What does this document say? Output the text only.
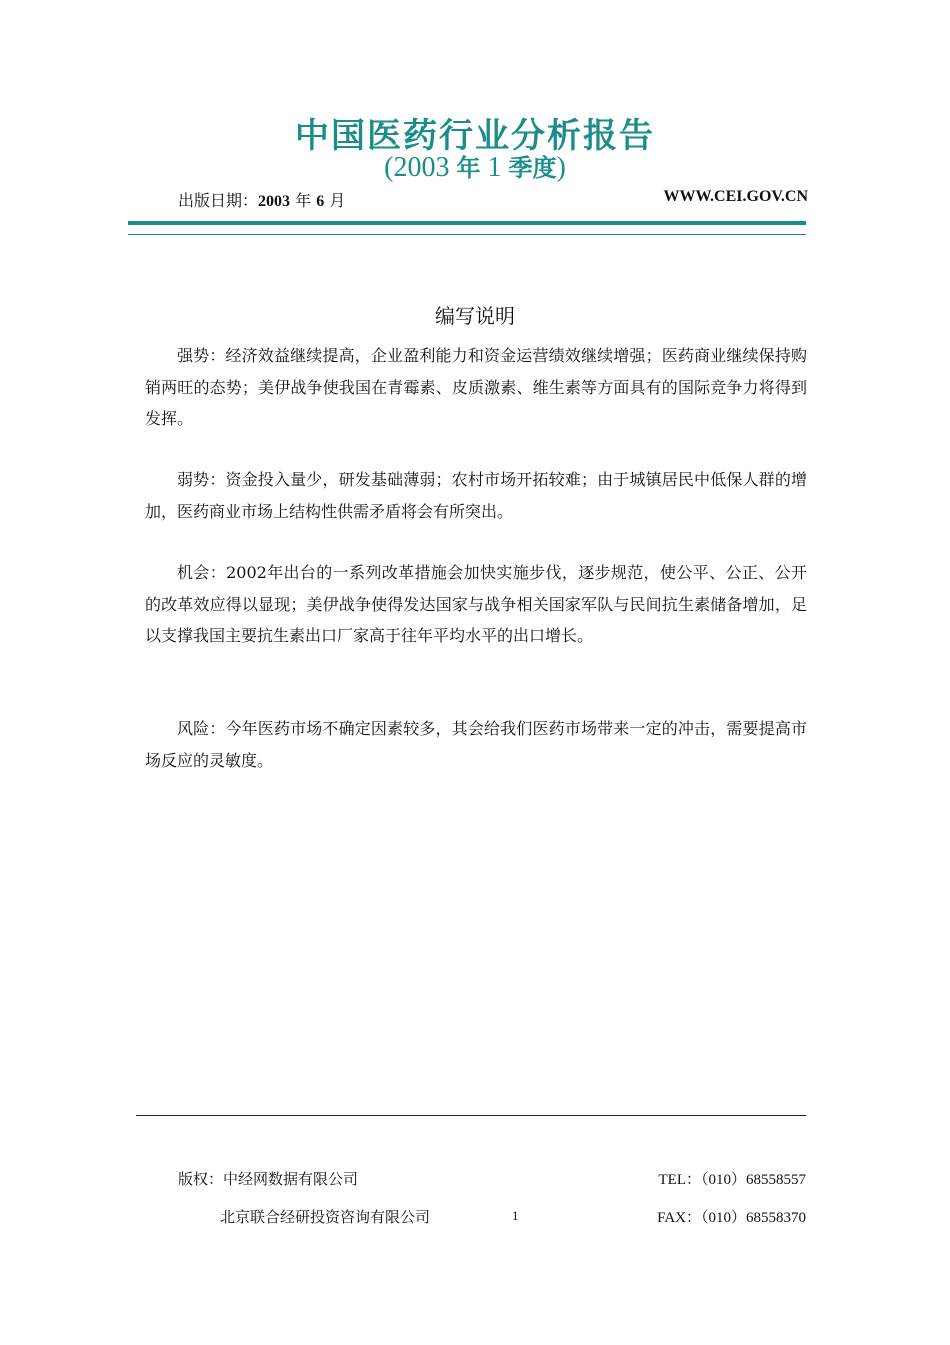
中国医药行业分析报告
(2003 年 1 季度)
出版日期：2003 年 6 月	WWW.CEI.GOV.CN
编写说明

强势：经济效益继续提高，企业盈利能力和资金运营绩效继续增强；医药商业继续保持购销两旺的态势；美伊战争使我国在青霉素、皮质激素、维生素等方面具有的国际竞争力将得到发挥。

弱势：资金投入量少，研发基础薄弱；农村市场开拓较难；由于城镇居民中低保人群的增加，医药商业市场上结构性供需矛盾将会有所突出。

机会：2002年出台的一系列改革措施会加快实施步伐，逐步规范，使公平、公正、公开的改革效应得以显现；美伊战争使得发达国家与战争相关国家军队与民间抗生素储备增加，足以支撑我国主要抗生素出口厂家高于往年平均水平的出口增长。

风险：今年医药市场不确定因素较多，其会给我们医药市场带来一定的冲击，需要提高市场反应的灵敏度。

版权：中经网数据有限公司	TEL：（010）68558557
北京联合经研投资咨询有限公司	1	FAX：（010）68558370
